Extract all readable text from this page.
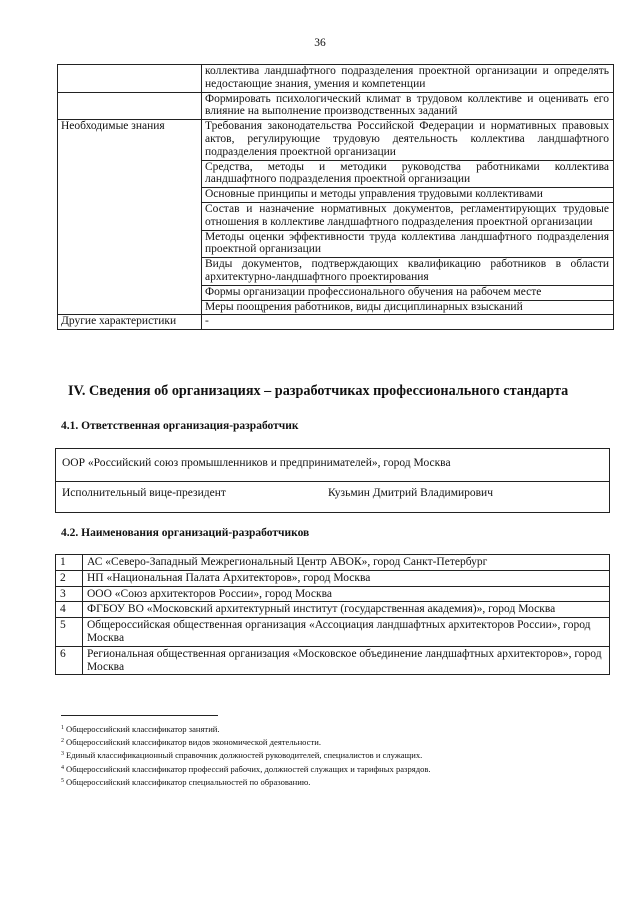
36
	коллектива ландшафтного подразделения проектной организации и определять недостающие знания, умения и компетенции
	Формировать психологический климат в трудовом коллективе и оценивать его влияние на выполнение производственных заданий
Необходимые знания	Требования законодательства Российской Федерации и нормативных правовых актов, регулирующие трудовую деятельность коллектива ландшафтного подразделения проектной организации
	Средства, методы и методики руководства работниками коллектива ландшафтного подразделения проектной организации
	Основные принципы и методы управления трудовыми коллективами
	Состав и назначение нормативных документов, регламентирующих трудовые отношения в коллективе ландшафтного подразделения проектной организации
	Методы оценки эффективности труда коллектива ландшафтного подразделения проектной организации
	Виды документов, подтверждающих квалификацию работников в области архитектурно-ландшафтного проектирования
	Формы организации профессионального обучения на рабочем месте
	Меры поощрения работников, виды дисциплинарных взысканий
Другие характеристики	-
IV. Сведения об организациях – разработчиках профессионального стандарта
4.1. Ответственная организация-разработчик
ООР «Российский союз промышленников и предпринимателей», город Москва
Исполнительный вице-президент	Кузьмин Дмитрий Владимирович
4.2. Наименования организаций-разработчиков
1	АС «Северо-Западный Межрегиональный Центр АВОК», город Санкт-Петербург
2	НП «Национальная Палата Архитекторов», город Москва
3	ООО «Союз архитекторов России», город Москва
4	ФГБОУ ВО «Московский архитектурный институт (государственная академия)», город Москва
5	Общероссийская общественная организация «Ассоциация ландшафтных архитекторов России», город Москва
6	Региональная общественная организация «Московское объединение ландшафтных архитекторов», город Москва
$^1$ Общероссийский классификатор занятий.
$^2$ Общероссийский классификатор видов экономической деятельности.
$^3$ Единый классификационный справочник должностей руководителей, специалистов и служащих.
$^4$ Общероссийский классификатор профессий рабочих, должностей служащих и тарифных разрядов.
$^5$ Общероссийский классификатор специальностей по образованию.
